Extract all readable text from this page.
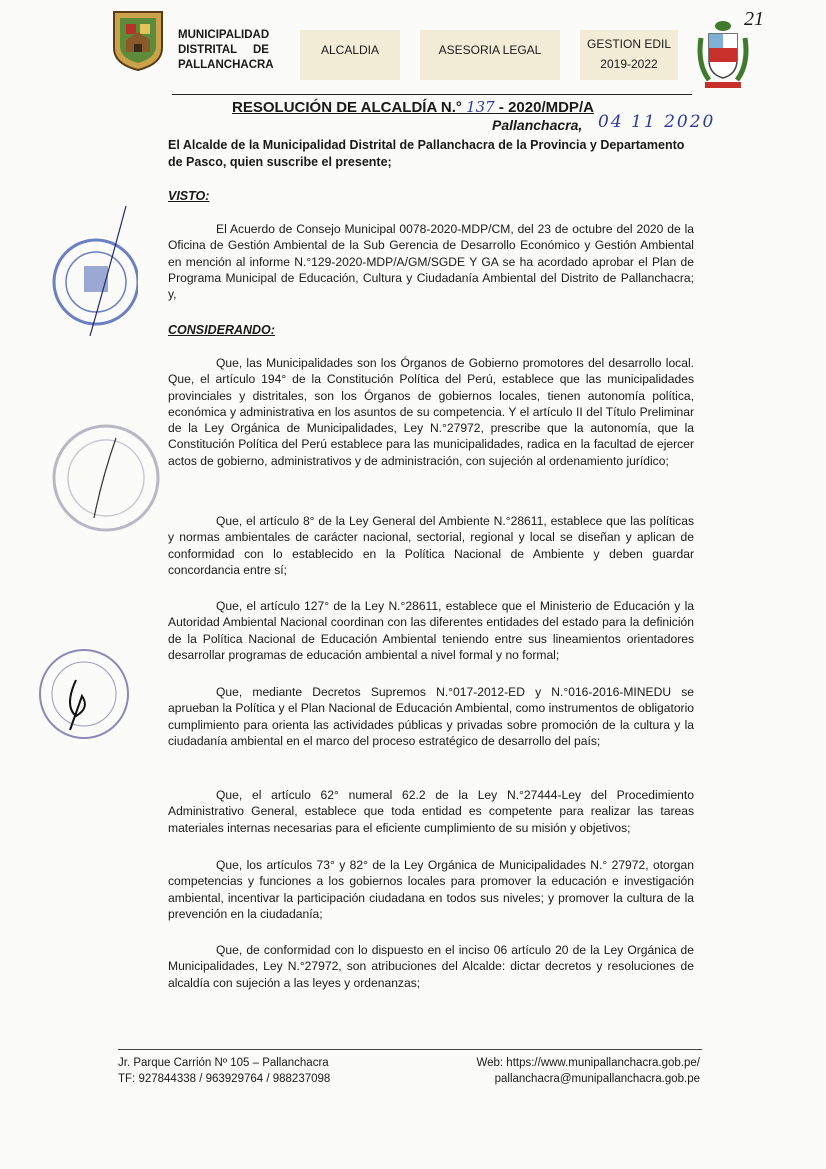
21
MUNICIPALIDAD
DISTRITAL     DE
PALLANCHACRA
ALCALDIA	ASESORIA LEGAL	GESTION EDIL
2019-2022
RESOLUCIÓN DE ALCALDÍA N.° 137 - 2020/MDP/A
Pallanchacra, 04 11 2020
El Alcalde de la Municipalidad Distrital de Pallanchacra de la Provincia y Departamento de Pasco, quien suscribe el presente;
VISTO:

El Acuerdo de Consejo Municipal 0078-2020-MDP/CM, del 23 de octubre del 2020 de la Oficina de Gestión Ambiental de la Sub Gerencia de Desarrollo Económico y Gestión Ambiental en mención al informe N.°129-2020-MDP/A/GM/SGDE Y GA se ha acordado aprobar el Plan de Programa Municipal de Educación, Cultura y Ciudadanía Ambiental del Distrito de Pallanchacra; y,

CONSIDERANDO:

Que, las Municipalidades son los Órganos de Gobierno promotores del desarrollo local. Que, el artículo 194° de la Constitución Política del Perú, establece que las municipalidades provinciales y distritales, son los Órganos de gobiernos locales, tienen autonomía política, económica y administrativa en los asuntos de su competencia. Y el artículo II del Título Preliminar de la Ley Orgánica de Municipalidades, Ley N.°27972, prescribe que la autonomía, que la Constitución Política del Perú establece para las municipalidades, radica en la facultad de ejercer actos de gobierno, administrativos y de administración, con sujeción al ordenamiento jurídico;

Que, el artículo 8° de la Ley General del Ambiente N.°28611, establece que las políticas y normas ambientales de carácter nacional, sectorial, regional y local se diseñan y aplican de conformidad con lo establecido en la Política Nacional de Ambiente y deben guardar concordancia entre sí;

Que, el artículo 127° de la Ley N.°28611, establece que el Ministerio de Educación y la Autoridad Ambiental Nacional coordinan con las diferentes entidades del estado para la definición de la Política Nacional de Educación Ambiental teniendo entre sus lineamientos orientadores desarrollar programas de educación ambiental a nivel formal y no formal;

Que, mediante Decretos Supremos N.°017-2012-ED y N.°016-2016-MINEDU se aprueban la Política y el Plan Nacional de Educación Ambiental, como instrumentos de obligatorio cumplimiento para orienta las actividades públicas y privadas sobre promoción de la cultura y la ciudadanía ambiental en el marco del proceso estratégico de desarrollo del país;

Que, el artículo 62° numeral 62.2 de la Ley N.°27444-Ley del Procedimiento Administrativo General, establece que toda entidad es competente para realizar las tareas materiales internas necesarias para el eficiente cumplimiento de su misión y objetivos;

Que, los artículos 73° y 82° de la Ley Orgánica de Municipalidades N.° 27972, otorgan competencias y funciones a los gobiernos locales para promover la educación e investigación ambiental, incentivar la participación ciudadana en todos sus niveles; y promover la cultura de la prevención en la ciudadanía;

Que, de conformidad con lo dispuesto en el inciso 06 artículo 20 de la Ley Orgánica de Municipalidades, Ley N.°27972, son atribuciones del Alcalde: dictar decretos y resoluciones de alcaldía con sujeción a las leyes y ordenanzas;

Jr. Parque Carrión Nº 105 – Pallanchacra
TF: 927844338 / 963929764 / 988237098
Web: https://www.munipallanchacra.gob.pe/
pallanchacra@munipallanchacra.gob.pe
